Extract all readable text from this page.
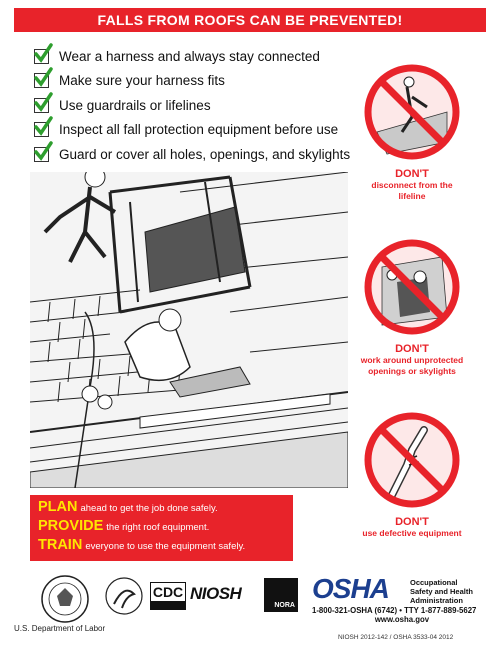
FALLS FROM ROOFS CAN BE PREVENTED!
Wear a harness and always stay connected
Make sure your harness fits
Use guardrails or lifelines
Inspect all fall protection equipment before use
Guard or cover all holes, openings, and skylights
PLAN ahead to get the job done safely.
PROVIDE the right roof equipment.
TRAIN everyone to use the equipment safely.
DON'T
disconnect from the lifeline
DON'T
work around unprotected openings or skylights
DON'T
use defective equipment
CDC NIOSH
NORA
OSHA	Occupational
Safety and Health
Administration
1-800-321-OSHA (6742) • TTY 1-877-889-5627
www.osha.gov
U.S. Department of Labor
NIOSH 2012-142 / OSHA 3533-04 2012
